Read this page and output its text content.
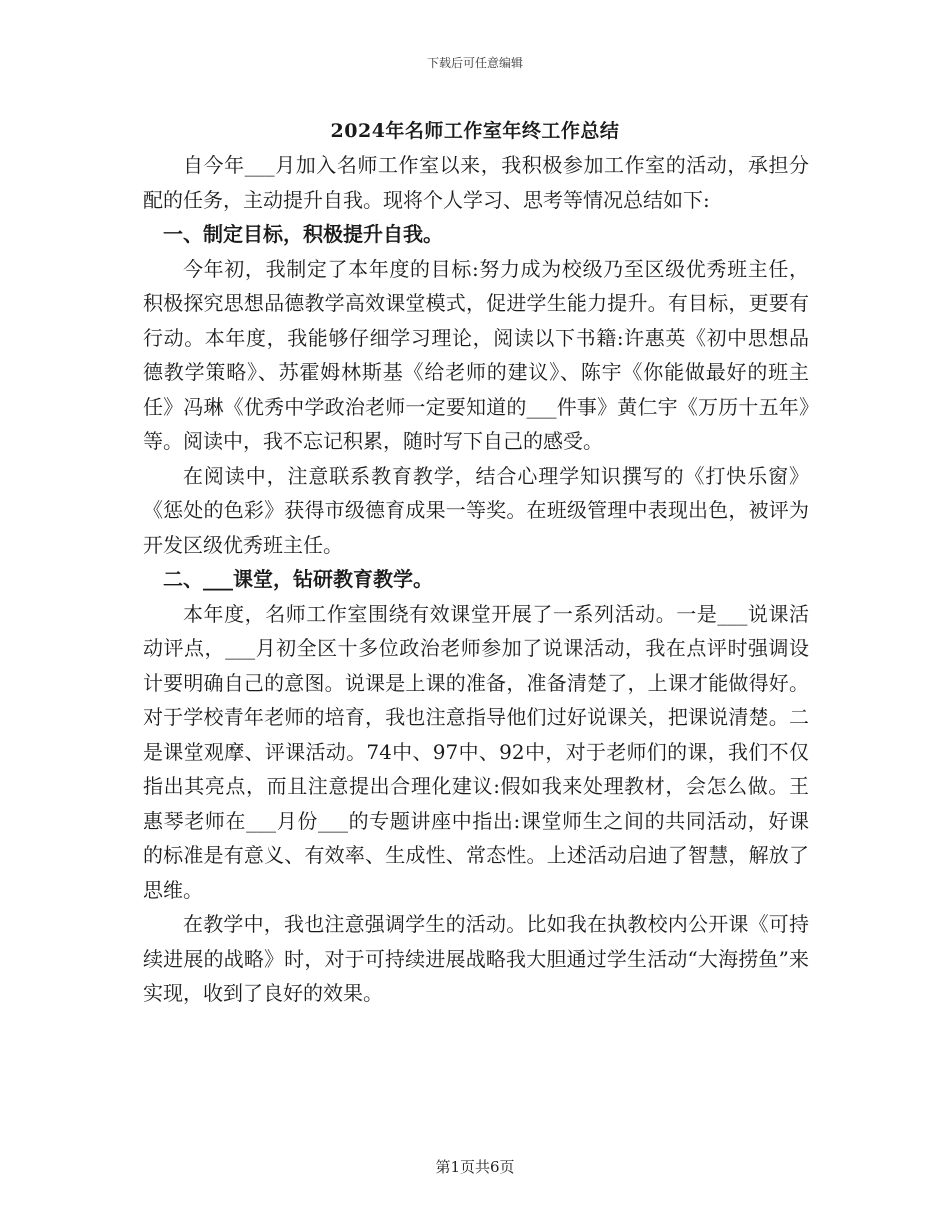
下载后可任意编辑
2024年名师工作室年终工作总结

自今年___月加入名师工作室以来，我积极参加工作室的活动，承担分配的任务，主动提升自我。现将个人学习、思考等情况总结如下:

一、制定目标，积极提升自我。

今年初，我制定了本年度的目标:努力成为校级乃至区级优秀班主任，积极探究思想品德教学高效课堂模式，促进学生能力提升。有目标，更要有行动。本年度，我能够仔细学习理论，阅读以下书籍:许惠英《初中思想品德教学策略》、苏霍姆林斯基《给老师的建议》、陈宇《你能做最好的班主任》冯琳《优秀中学政治老师一定要知道的___件事》黄仁宇《万历十五年》等。阅读中，我不忘记积累，随时写下自己的感受。

在阅读中，注意联系教育教学，结合心理学知识撰写的《打快乐窗》《惩处的色彩》获得市级德育成果一等奖。在班级管理中表现出色，被评为开发区级优秀班主任。

二、___课堂，钻研教育教学。

本年度，名师工作室围绕有效课堂开展了一系列活动。一是___说课活动评点，___月初全区十多位政治老师参加了说课活动，我在点评时强调设计要明确自己的意图。说课是上课的准备，准备清楚了，上课才能做得好。对于学校青年老师的培育，我也注意指导他们过好说课关，把课说清楚。二是课堂观摩、评课活动。74中、97中、92中，对于老师们的课，我们不仅指出其亮点，而且注意提出合理化建议:假如我来处理教材，会怎么做。王惠琴老师在___月份___的专题讲座中指出:课堂师生之间的共同活动，好课的标准是有意义、有效率、生成性、常态性。上述活动启迪了智慧，解放了思维。

在教学中，我也注意强调学生的活动。比如我在执教校内公开课《可持续进展的战略》时，对于可持续进展战略我大胆通过学生活动“大海捞鱼”来实现，收到了良好的效果。

第1页共6页
